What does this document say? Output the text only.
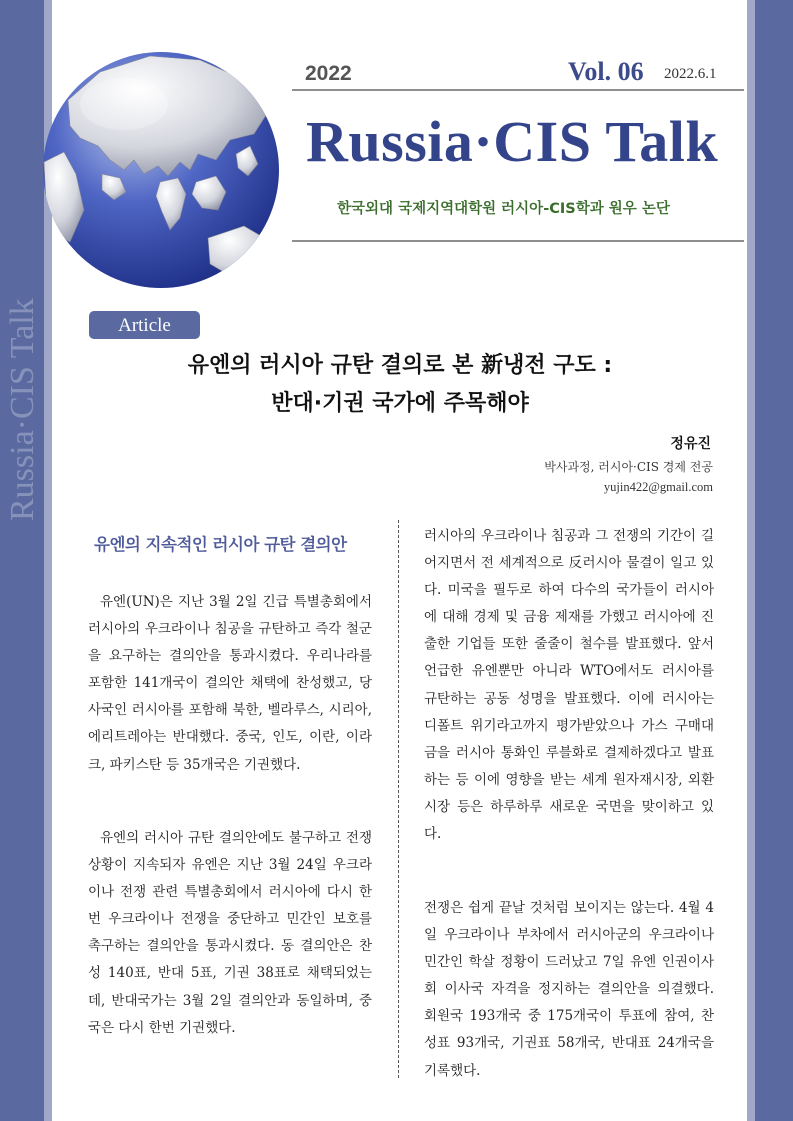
Russia·CIS Talk
2022	Vol. 06 2022.6.1
Russia·CIS Talk
한국외대 국제지역대학원 러시아-CIS학과 원우 논단
Article
유엔의 러시아 규탄 결의로 본 新냉전 구도 :
반대·기권 국가에 주목해야
정유진
박사과정, 러시아·CIS 경제 전공
yujin422@gmail.com
유엔의 지속적인 러시아 규탄 결의안
유엔(UN)은 지난 3월 2일 긴급 특별총회에서 러시아의 우크라이나 침공을 규탄하고 즉각 철군을 요구하는 결의안을 통과시켰다. 우리나라를 포함한 141개국이 결의안 채택에 찬성했고, 당사국인 러시아를 포함해 북한, 벨라루스, 시리아, 에리트레아는 반대했다. 중국, 인도, 이란, 이라크, 파키스탄 등 35개국은 기권했다.
유엔의 러시아 규탄 결의안에도 불구하고 전쟁 상황이 지속되자 유엔은 지난 3월 24일 우크라이나 전쟁 관련 특별총회에서 러시아에 다시 한번 우크라이나 전쟁을 중단하고 민간인 보호를 촉구하는 결의안을 통과시켰다. 동 결의안은 찬성 140표, 반대 5표, 기권 38표로 채택되었는데, 반대국가는 3월 2일 결의안과 동일하며, 중국은 다시 한번 기권했다.
러시아의 우크라이나 침공과 그 전쟁의 기간이 길어지면서 전 세계적으로 反러시아 물결이 일고 있다. 미국을 필두로 하여 다수의 국가들이 러시아에 대해 경제 및 금융 제재를 가했고 러시아에 진출한 기업들 또한 줄줄이 철수를 발표했다. 앞서 언급한 유엔뿐만 아니라 WTO에서도 러시아를 규탄하는 공동 성명을 발표했다. 이에 러시아는 디폴트 위기라고까지 평가받았으나 가스 구매대금을 러시아 통화인 루블화로 결제하겠다고 발표하는 등 이에 영향을 받는 세계 원자재시장, 외환시장 등은 하루하루 새로운 국면을 맞이하고 있다.
전쟁은 쉽게 끝날 것처럼 보이지는 않는다. 4월 4일 우크라이나 부차에서 러시아군의 우크라이나 민간인 학살 정황이 드러났고 7일 유엔 인권이사회 이사국 자격을 정지하는 결의안을 의결했다. 회원국 193개국 중 175개국이 투표에 참여, 찬성표 93개국, 기권표 58개국, 반대표 24개국을 기록했다.
